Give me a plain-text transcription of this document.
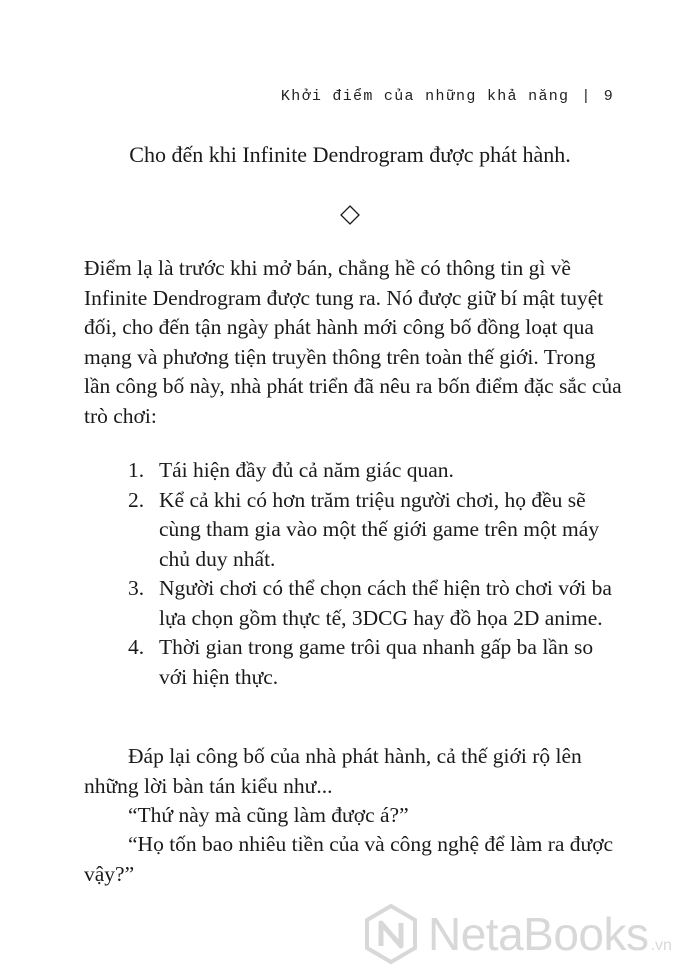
Khởi điểm của những khả năng | 9
Cho đến khi Infinite Dendrogram được phát hành.
Điểm lạ là trước khi mở bán, chẳng hề có thông tin gì về Infinite Dendrogram được tung ra. Nó được giữ bí mật tuyệt đối, cho đến tận ngày phát hành mới công bố đồng loạt qua mạng và phương tiện truyền thông trên toàn thế giới. Trong lần công bố này, nhà phát triển đã nêu ra bốn điểm đặc sắc của trò chơi:
1. Tái hiện đầy đủ cả năm giác quan.
2. Kể cả khi có hơn trăm triệu người chơi, họ đều sẽ cùng tham gia vào một thế giới game trên một máy chủ duy nhất.
3. Người chơi có thể chọn cách thể hiện trò chơi với ba lựa chọn gồm thực tế, 3DCG hay đồ họa 2D anime.
4. Thời gian trong game trôi qua nhanh gấp ba lần so với hiện thực.
Đáp lại công bố của nhà phát hành, cả thế giới rộ lên những lời bàn tán kiểu như...
“Thứ này mà cũng làm được á?”
“Họ tốn bao nhiêu tiền của và công nghệ để làm ra được vậy?”
NetaBooks .vn
